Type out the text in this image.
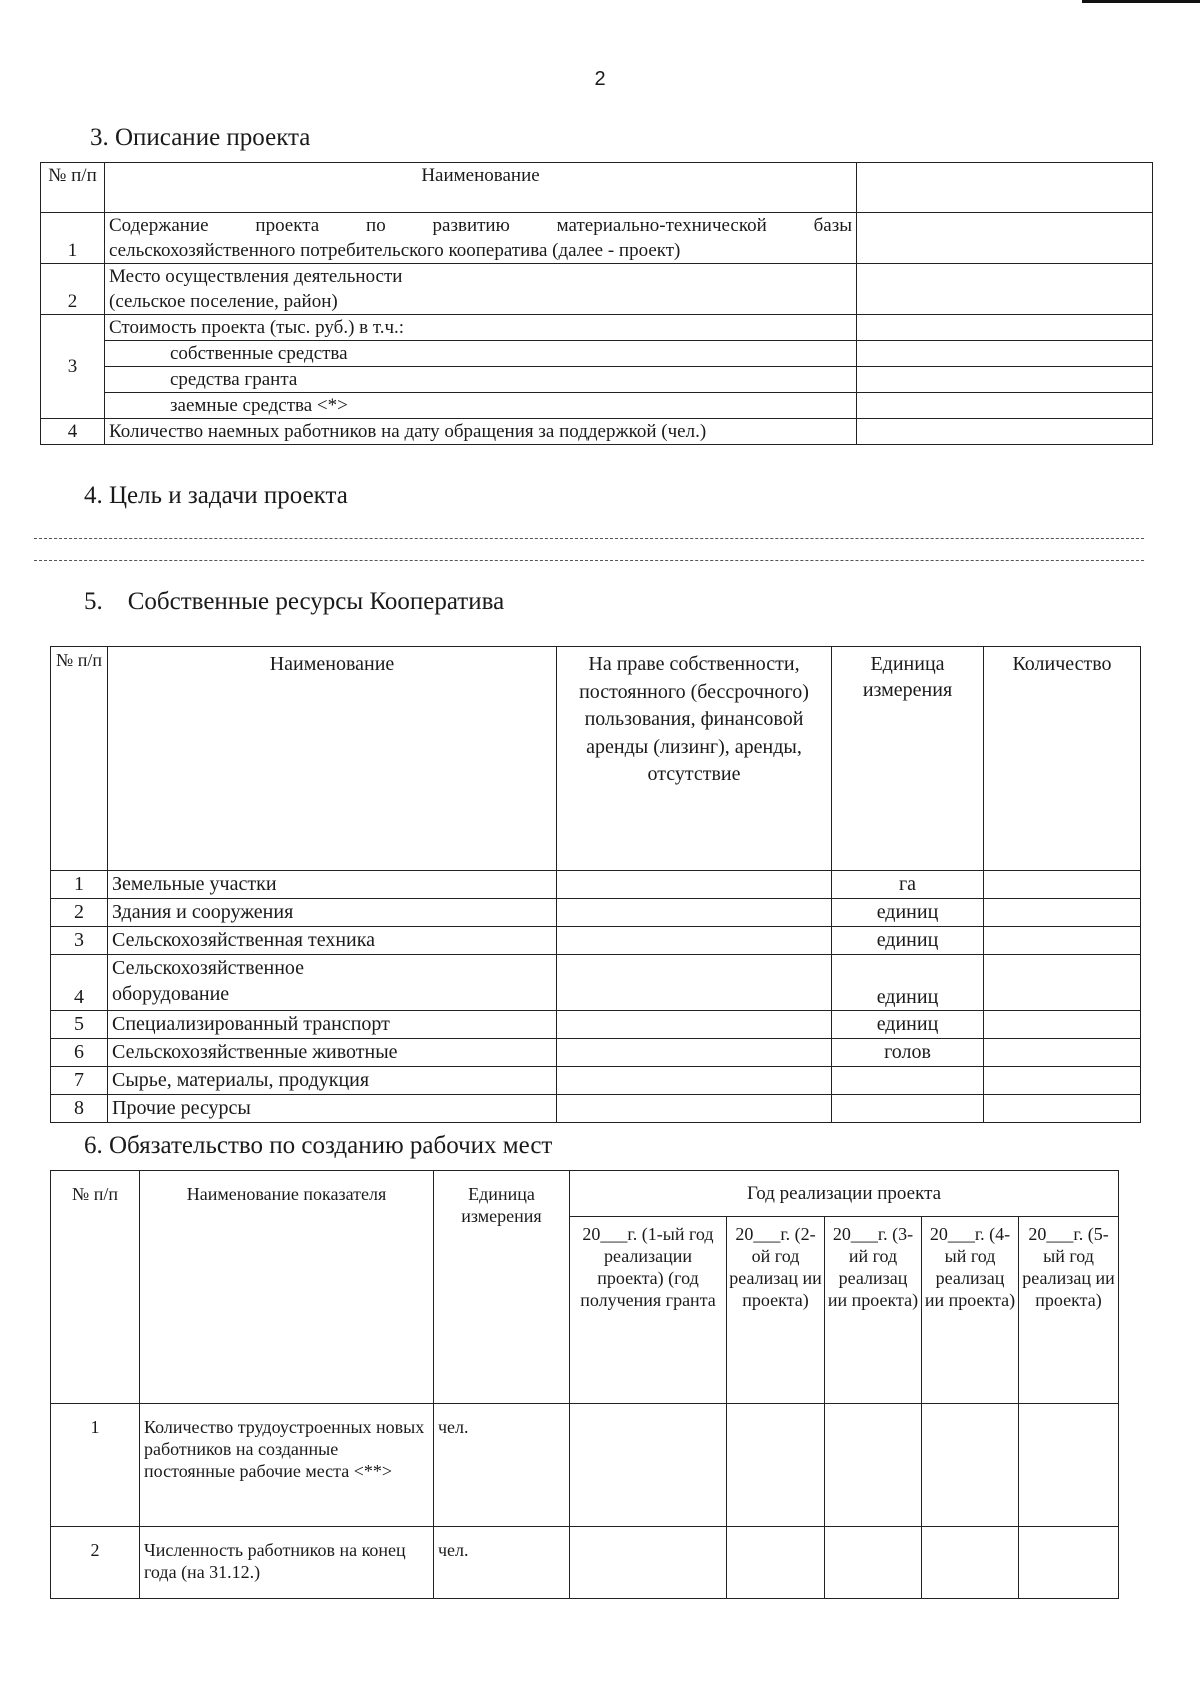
2
3. Описание проекта
№ п/п	Наименование	
1	Содержание проекта по развитию материально-технической базы
сельскохозяйственного потребительского кооператива (далее - проект)	

2	Место осуществления деятельности
(сельское поселение, район)	

3	Стоимость проекта (тыс. руб.) в т.ч.:	
	собственные средства	
	средства гранта	
	заемные средства <*>	
4	Количество наемных работников на дату обращения за поддержкой (чел.)	
4. Цель и задачи проекта
5.    Собственные ресурсы Кооператива
№ п/п	Наименование	На праве собственности, постоянного (бессрочного) пользования, финансовой аренды (лизинг), аренды, отсутствие	Единица измерения	Количество
1	Земельные участки		га	
2	Здания и сооружения		единиц	
3	Сельскохозяйственная техника		единиц	
4	Сельскохозяйственное оборудование		единиц	
5	Специализированный транспорт		единиц	
6	Сельскохозяйственные животные		голов	
7	Сырье, материалы, продукция			
8	Прочие ресурсы			
6. Обязательство по созданию рабочих мест
№ п/п	Наименование показателя	Единица измерения	Год реализации проекта				
			20___г. (1-ый год реализации проекта) (год получения гранта	20___г. (2-ой год реализац ии проекта)	20___г. (3-ий год реализац ии проекта)	20___г. (4-ый год реализац ии проекта)	20___г. (5-ый год реализац ии проекта)
1	Количество трудоустроенных новых работников на созданные постоянные рабочие места <**>	чел.					
2	Численность работников на конец года (на 31.12.)	чел.					
